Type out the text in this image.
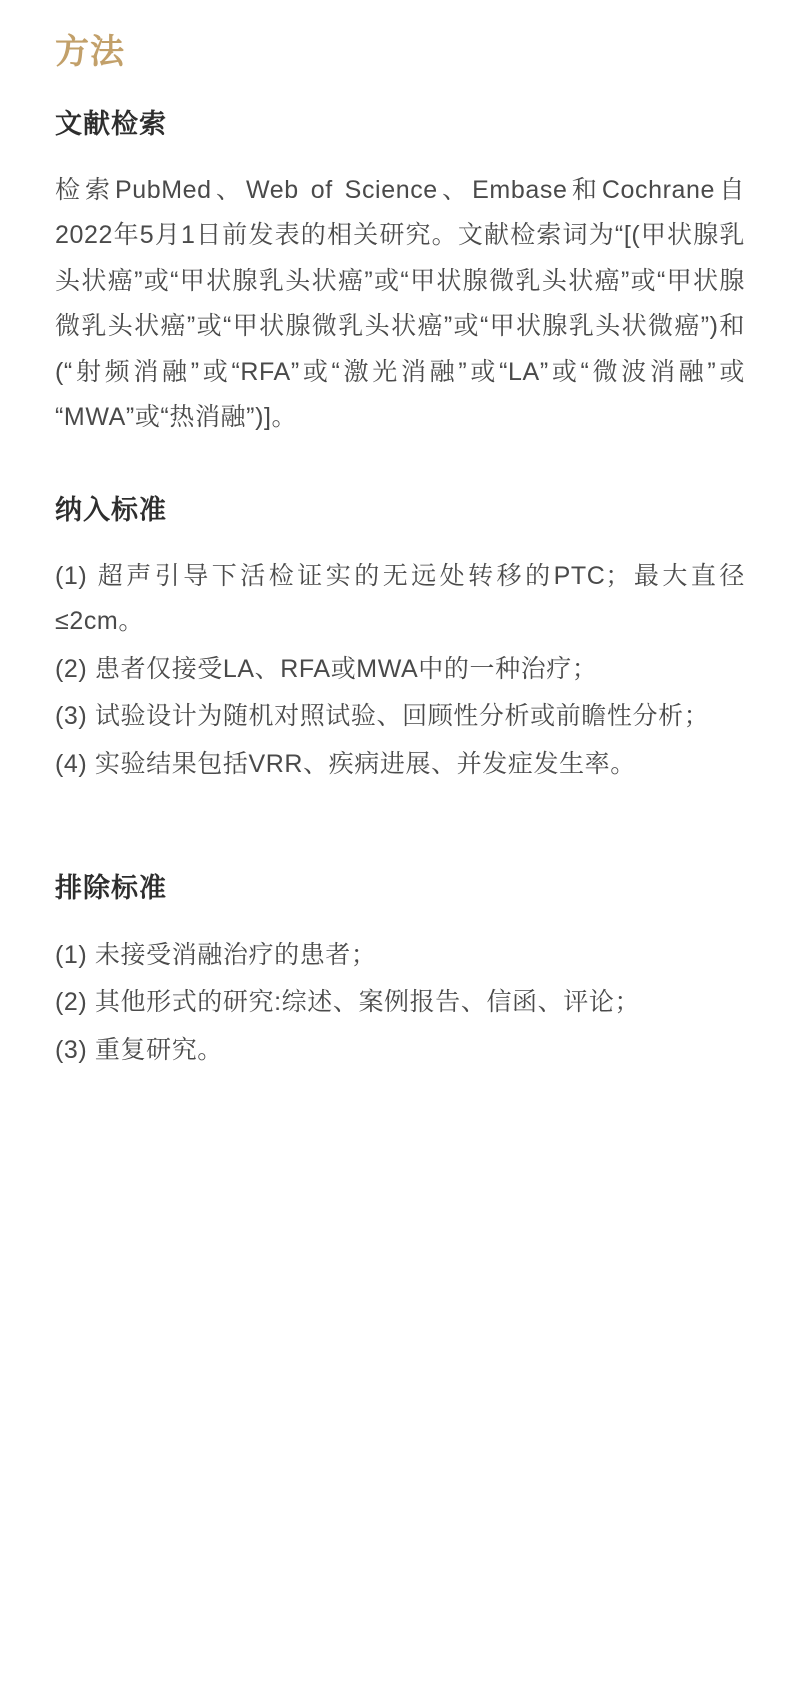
方法
文献检索

检索PubMed、Web of Science、Embase和Cochrane自2022年5月1日前发表的相关研究。文献检索词为“[(甲状腺乳头状癌”或“甲状腺乳头状癌”或“甲状腺微乳头状癌”或“甲状腺微乳头状癌”或“甲状腺微乳头状癌”或“甲状腺乳头状微癌”)和(“射频消融”或“RFA”或“激光消融”或“LA”或“微波消融”或“MWA”或“热消融”)]。

纳入标准
(1) 超声引导下活检证实的无远处转移的PTC；最大直径≤2cm。
(2) 患者仅接受LA、RFA或MWA中的一种治疗；
(3) 试验设计为随机对照试验、回顾性分析或前瞻性分析；
(4) 实验结果包括VRR、疾病进展、并发症发生率。
排除标准
(1) 未接受消融治疗的患者；
(2) 其他形式的研究:综述、案例报告、信函、评论；
(3) 重复研究。
